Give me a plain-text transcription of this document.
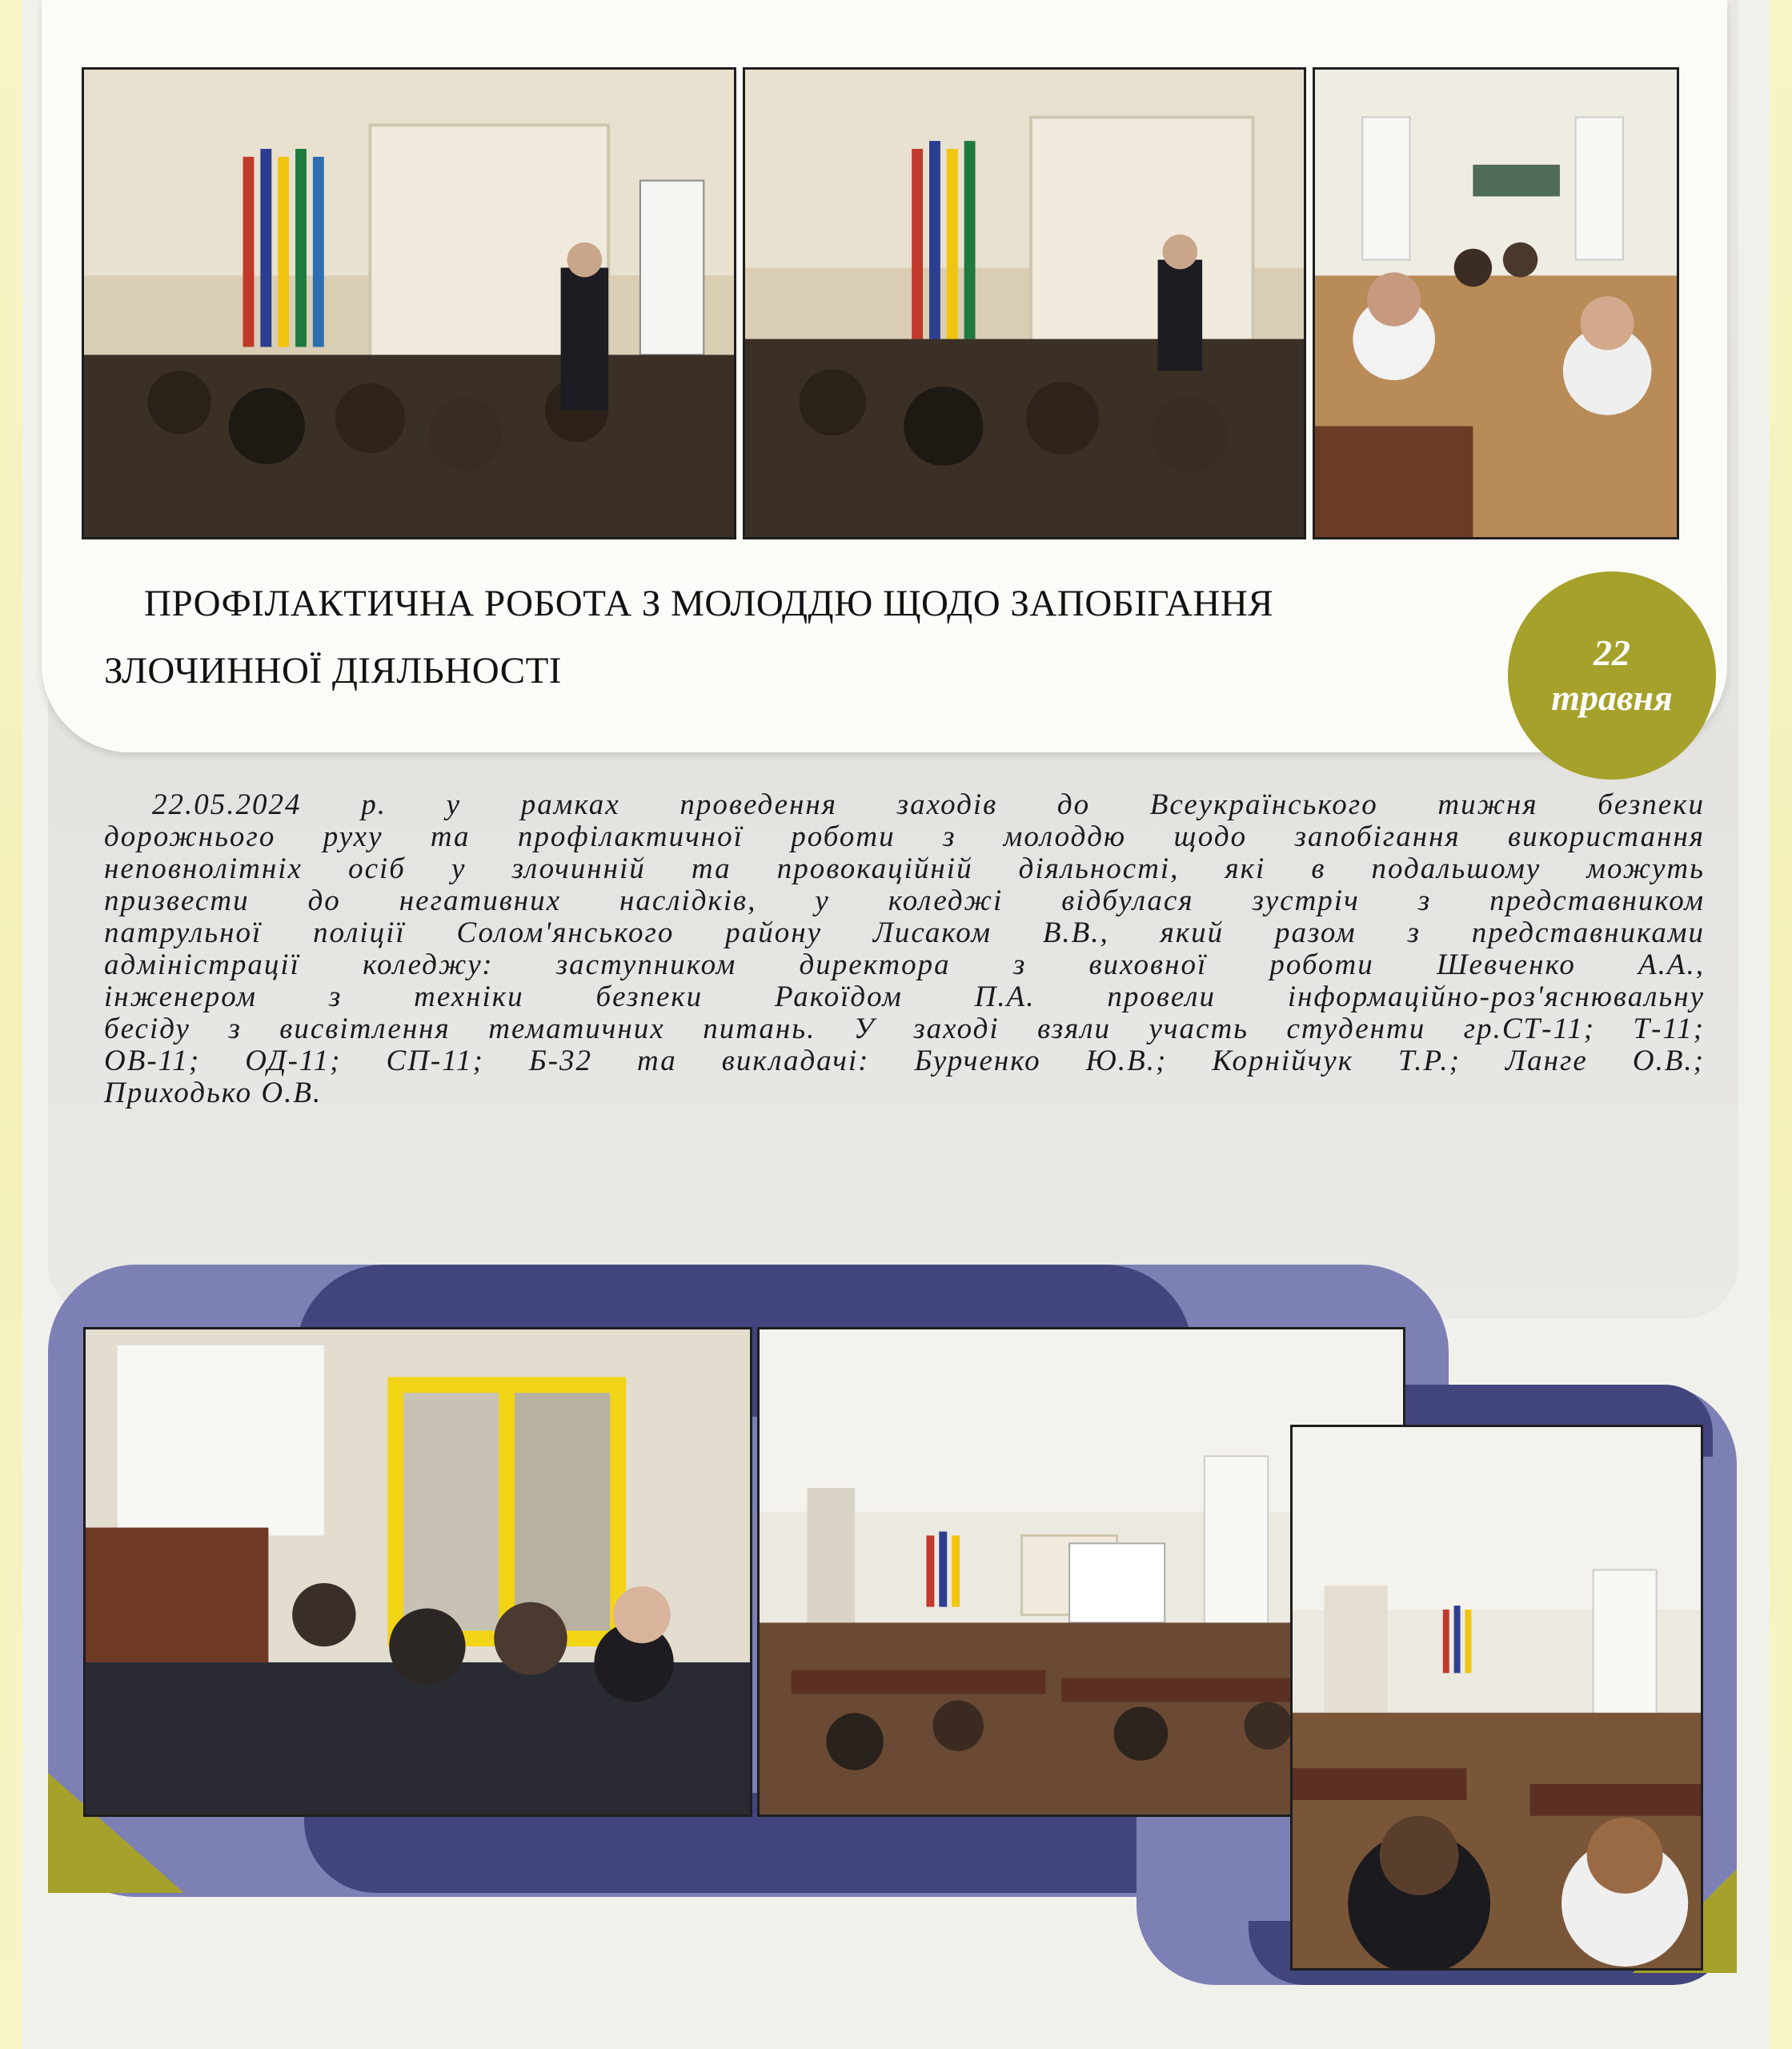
ПРОФІЛАКТИЧНА РОБОТА З МОЛОДДЮ ЩОДО ЗАПОБІГАННЯ
ЗЛОЧИННОЇ ДІЯЛЬНОСТІ	22
травня

22.05.2024 р. у рамках проведення заходів до Всеукраїнського тижня безпеки
дорожнього руху та профілактичної роботи з молоддю щодо запобігання використання
неповнолітніх осіб у злочинній та провокаційній діяльності, які в подальшому можуть
призвести до негативних наслідків, у коледжі відбулася зустріч з представником
патрульної поліції Солом'янського району Лисаком В.В., який разом з представниками
адміністрації коледжу: заступником директора з виховної роботи Шевченко А.А.,
інженером з техніки безпеки Ракоїдом П.А. провели інформаційно-роз'яснювальну
бесіду з висвітлення тематичних питань. У заході взяли участь студенти гр.СТ-11; Т-11;
ОВ-11; ОД-11; СП-11; Б-32 та викладачі: Бурченко Ю.В.; Корнійчук Т.Р.; Ланге О.В.;
Приходько О.В.
